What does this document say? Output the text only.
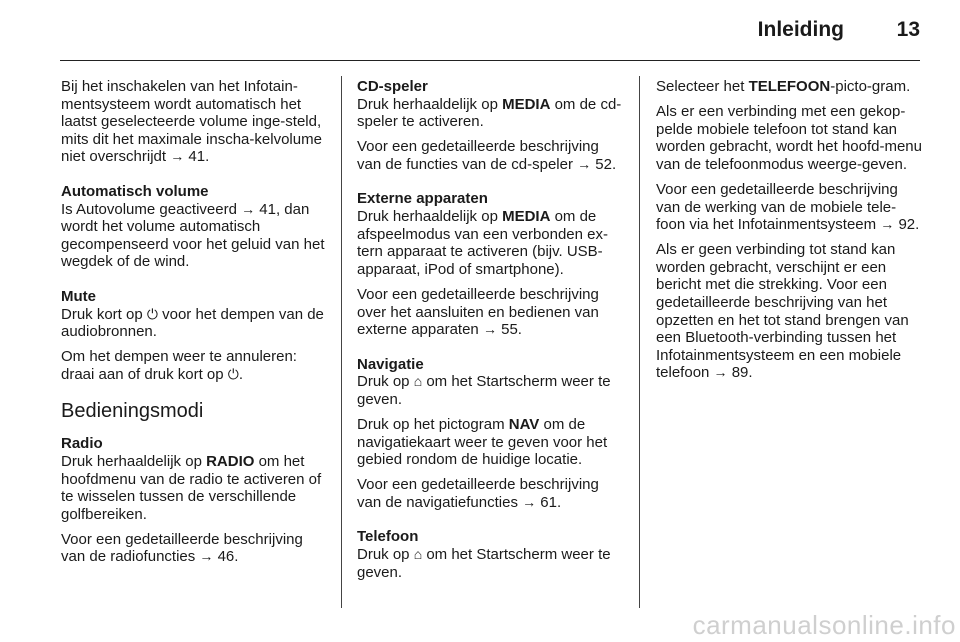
Inleiding	13

Bij het inschakelen van het Infotain-mentsysteem wordt automatisch het laatst geselecteerde volume inge-steld, mits dit het maximale inscha-kelvolume niet overschrijdt → 41.

Automatisch volume

Is Autovolume geactiveerd → 41, dan wordt het volume automatisch gecompenseerd voor het geluid van het wegdek of de wind.

Mute

Druk kort op ⏻ voor het dempen van de audiobronnen.

Om het dempen weer te annuleren: draai aan of druk kort op ⏻.

Bedieningsmodi
Radio

Druk herhaaldelijk op RADIO om het hoofdmenu van de radio te activeren of te wisselen tussen de verschillende golfbereiken.

Voor een gedetailleerde beschrijving van de radiofuncties → 46.

CD-speler

Druk herhaaldelijk op MEDIA om de cd-speler te activeren.

Voor een gedetailleerde beschrijving van de functies van de cd-speler → 52.

Externe apparaten

Druk herhaaldelijk op MEDIA om de afspeelmodus van een verbonden ex-tern apparaat te activeren (bijv. USB-apparaat, iPod of smartphone).

Voor een gedetailleerde beschrijving over het aansluiten en bedienen van externe apparaten → 55.

Navigatie

Druk op ⌂ om het Startscherm weer te geven.

Druk op het pictogram NAV om de navigatiekaart weer te geven voor het gebied rondom de huidige locatie.

Voor een gedetailleerde beschrijving van de navigatiefuncties → 61.

Telefoon

Druk op ⌂ om het Startscherm weer te geven.

Selecteer het TELEFOON-picto-gram.

Als er een verbinding met een gekop-pelde mobiele telefoon tot stand kan worden gebracht, wordt het hoofd-menu van de telefoonmodus weerge-geven.

Voor een gedetailleerde beschrijving van de werking van de mobiele tele-foon via het Infotainmentsysteem → 92.

Als er geen verbinding tot stand kan worden gebracht, verschijnt er een bericht met die strekking. Voor een gedetailleerde beschrijving van het opzetten en het tot stand brengen van een Bluetooth-verbinding tussen het Infotainmentsysteem en een mobiele telefoon → 89.

carmanualsonline.info
